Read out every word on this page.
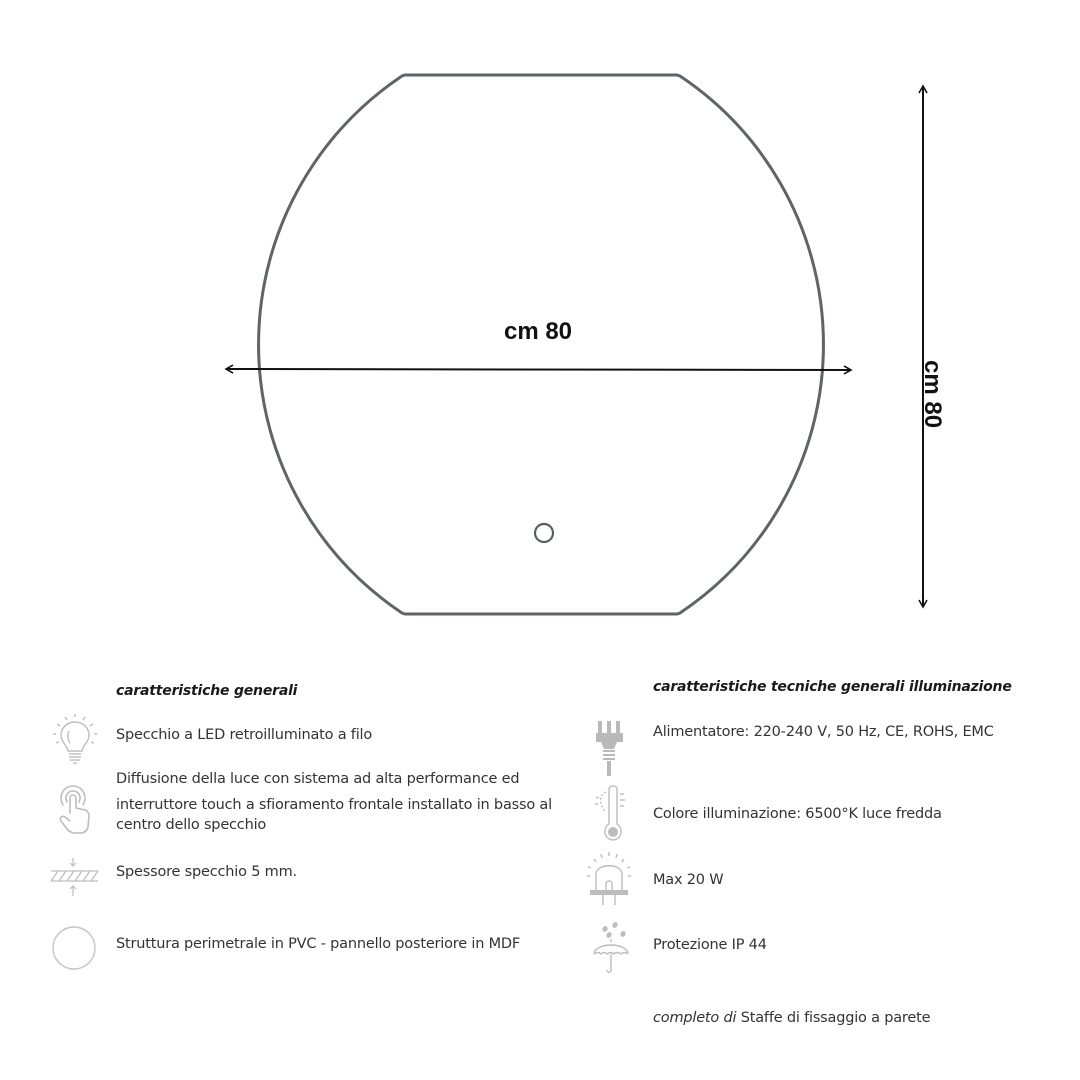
cm 80
cm 80
caratteristiche generali
Specchio a LED retroilluminato a filo
Diffusione della luce con sistema ad alta performance ed
interruttore touch a sfioramento frontale installato in basso al
centro dello specchio
Spessore specchio 5 mm.
Struttura perimetrale in PVC - pannello posteriore in MDF
caratteristiche tecniche generali illuminazione
Alimentatore: 220-240 V, 50 Hz, CE, ROHS, EMC
Colore illuminazione: 6500°K luce fredda
Max 20 W
Protezione IP 44
completo di Staffe di fissaggio a parete
